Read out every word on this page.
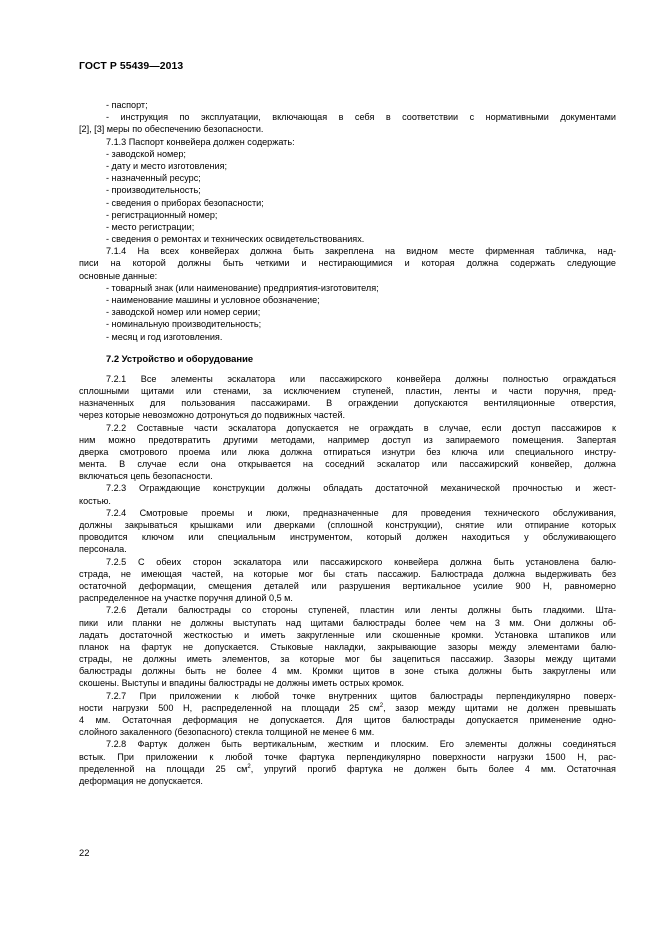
ГОСТ Р 55439—2013
- паспорт;
- инструкция по эксплуатации, включающая в себя в соответствии с нормативными документами
[2], [3] меры по обеспечению безопасности.
7.1.3 Паспорт конвейера должен содержать:
- заводской номер;
- дату и место изготовления;
- назначенный ресурс;
- производительность;
- сведения о приборах безопасности;
- регистрационный номер;
- место регистрации;
- сведения о ремонтах и технических освидетельствованиях.
7.1.4 На всех конвейерах должна быть закреплена на видном месте фирменная табличка, над-
писи на которой должны быть четкими и нестирающимися и которая должна содержать следующие
основные данные:
- товарный знак (или наименование) предприятия-изготовителя;
- наименование машины и условное обозначение;
- заводской номер или номер серии;
- номинальную производительность;
- месяц и год изготовления.
7.2 Устройство и оборудование
7.2.1 Все элементы эскалатора или пассажирского конвейера должны полностью ограждаться
сплошными щитами или стенами, за исключением ступеней, пластин, ленты и части поручня, пред-
назначенных для пользования пассажирами. В ограждении допускаются вентиляционные отверстия,
через которые невозможно дотронуться до подвижных частей.
7.2.2 Составные части эскалатора допускается не ограждать в случае, если доступ пассажиров к
ним можно предотвратить другими методами, например доступ из запираемого помещения. Запертая
дверка смотрового проема или люка должна отпираться изнутри без ключа или специального инстру-
мента. В случае если она открывается на соседний эскалатор или пассажирский конвейер, должна
включаться цепь безопасности.
7.2.3 Ограждающие конструкции должны обладать достаточной механической прочностью и жест-
костью.
7.2.4 Смотровые проемы и люки, предназначенные для проведения технического обслуживания,
должны закрываться крышками или дверками (сплошной конструкции), снятие или отпирание которых
проводится ключом или специальным инструментом, который должен находиться у обслуживающего
персонала.
7.2.5 С обеих сторон эскалатора или пассажирского конвейера должна быть установлена балю-
страда, не имеющая частей, на которые мог бы стать пассажир. Балюстрада должна выдерживать без
остаточной деформации, смещения деталей или разрушения вертикальное усилие 900 Н, равномерно
распределенное на участке поручня длиной 0,5 м.
7.2.6 Детали балюстрады со стороны ступеней, пластин или ленты должны быть гладкими. Шта-
пики или планки не должны выступать над щитами балюстрады более чем на 3 мм. Они должны об-
ладать достаточной жесткостью и иметь закругленные или скошенные кромки. Установка штапиков или
планок на фартук не допускается. Стыковые накладки, закрывающие зазоры между элементами балю-
страды, не должны иметь элементов, за которые мог бы зацепиться пассажир. Зазоры между щитами
балюстрады должны быть не более 4 мм. Кромки щитов в зоне стыка должны быть закруглены или
скошены. Выступы и впадины балюстрады не должны иметь острых кромок.
7.2.7 При приложении к любой точке внутренних щитов балюстрады перпендикулярно поверх-
ности нагрузки 500 Н, распределенной на площади 25 $см^2$, зазор между щитами не должен превышать
4 мм. Остаточная деформация не допускается. Для щитов балюстрады допускается применение одно-
слойного закаленного (безопасного) стекла толщиной не менее 6 мм.
7.2.8 Фартук должен быть вертикальным, жестким и плоским. Его элементы должны соединяться
встык. При приложении к любой точке фартука перпендикулярно поверхности нагрузки 1500 Н, рас-
пределенной на площади 25 $см^2$, упругий прогиб фартука не должен быть более 4 мм. Остаточная
деформация не допускается.
22
